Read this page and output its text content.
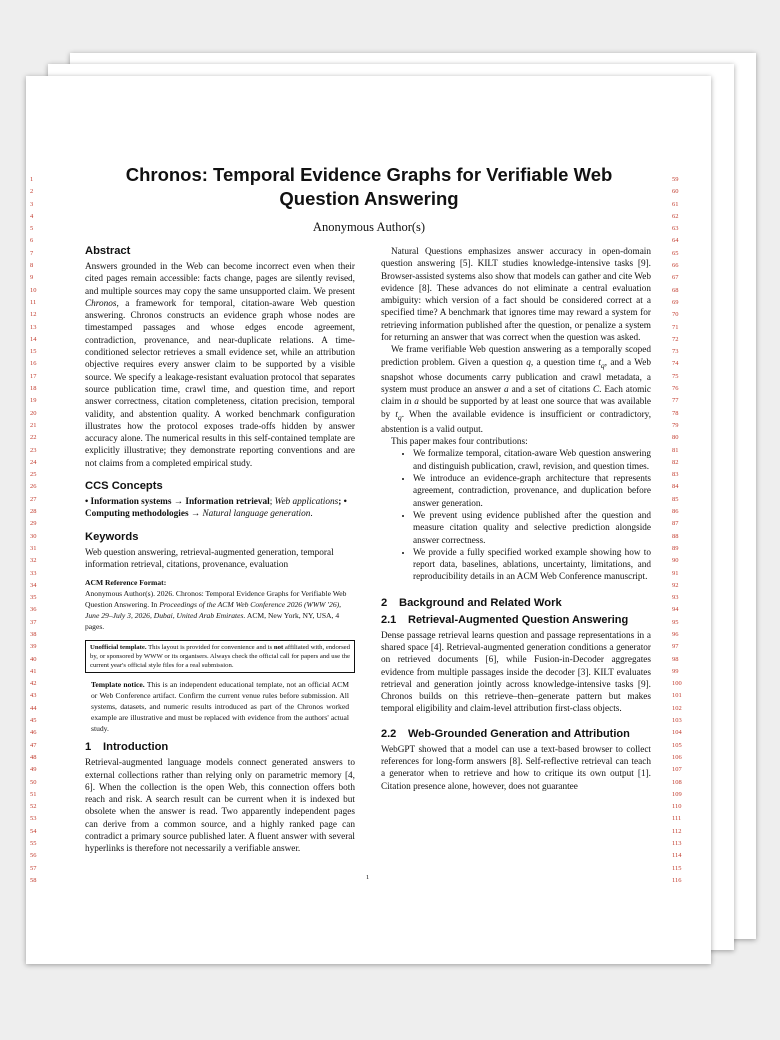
1
2
3
4
5
6
7
8
9
10
11
12
13
14
15
16
17
18
19
20
21
22
23
24
25
26
27
28
29
30
31
32
33
34
35
36
37
38
39
40
41
42
43
44
45
46
47
48
49
50
51
52
53
54
55
56
57
58
59
60
61
62
63
64
65
66
67
68
69
70
71
72
73
74
75
76
77
78
79
80
81
82
83
84
85
86
87
88
89
90
91
92
93
94
95
96
97
98
99
100
101
102
103
104
105
106
107
108
109
110
111
112
113
114
115
116
Chronos: Temporal Evidence Graphs for Verifiable Web Question Answering
Anonymous Author(s)
Abstract

Answers grounded in the Web can become incorrect even when their cited pages remain accessible: facts change, pages are silently revised, and multiple sources may copy the same unsupported claim. We present Chronos, a framework for temporal, citation-aware Web question answering. Chronos constructs an evidence graph whose nodes are timestamped passages and whose edges encode agreement, contradiction, provenance, and near-duplicate relations. A time-conditioned selector retrieves a small evidence set, while an attribution objective requires every answer claim to be supported by a visible source. We specify a leakage-resistant evaluation protocol that separates source publication time, crawl time, and question time, and report answer correctness, citation completeness, citation precision, temporal validity, and abstention quality. A worked benchmark configuration illustrates how the protocol exposes trade-offs hidden by answer accuracy alone. The numerical results in this self-contained template are explicitly illustrative; they demonstrate reporting conventions and are not claims from a completed empirical study.

CCS Concepts

• Information systems → Information retrieval; Web applications; • Computing methodologies → Natural language generation.

Keywords

Web question answering, retrieval-augmented generation, temporal information retrieval, citations, provenance, evaluation

ACM Reference Format:
Anonymous Author(s). 2026. Chronos: Temporal Evidence Graphs for Verifiable Web Question Answering. In Proceedings of the ACM Web Conference 2026 (WWW '26), June 29–July 3, 2026, Dubai, United Arab Emirates. ACM, New York, NY, USA, 4 pages.
Unofficial template. This layout is provided for convenience and is not affiliated with, endorsed by, or sponsored by WWW or its organisers. Always check the official call for papers and use the current year's official style files for a real submission.
Template notice. This is an independent educational template, not an official ACM or Web Conference artifact. Confirm the current venue rules before submission. All systems, datasets, and numeric results introduced as part of the Chronos worked example are illustrative and must be replaced with evidence from the authors' actual study.
1 Introduction

Retrieval-augmented language models connect generated answers to external collections rather than relying only on parametric memory [4, 6]. When the collection is the open Web, this connection offers both reach and risk. A search result can be current when it is indexed but obsolete when the answer is read. Two apparently independent pages can derive from a common source, and a highly ranked page can contradict a primary source published later. A fluent answer with several hyperlinks is therefore not necessarily a verifiable answer.

Natural Questions emphasizes answer accuracy in open-domain question answering [5]. KILT studies knowledge-intensive tasks [9]. Browser-assisted systems also show that models can gather and cite Web evidence [8]. These advances do not eliminate a central evaluation ambiguity: which version of a fact should be considered correct at a specified time? A benchmark that ignores time may reward a system for retrieving information published after the question, or penalize a system for returning an answer that was correct when the question was asked.

We frame verifiable Web question answering as a temporally scoped prediction problem. Given a question q, a question time $t_q$, and a Web snapshot whose documents carry publication and crawl metadata, a system must produce an answer a and a set of citations C. Each atomic claim in a should be supported by at least one source that was available by $t_q$. When the available evidence is insufficient or contradictory, abstention is a valid output.

This paper makes four contributions:

• We formalize temporal, citation-aware Web question answering and distinguish publication, crawl, revision, and question times.
• We introduce an evidence-graph architecture that represents agreement, contradiction, provenance, and duplication before answer generation.
• We prevent using evidence published after the question and measure citation quality and selective prediction alongside answer correctness.
• We provide a fully specified worked example showing how to report data, baselines, ablations, uncertainty, limitations, and reproducibility details in an ACM Web Conference manuscript.
2 Background and Related Work
2.1 Retrieval-Augmented Question Answering

Dense passage retrieval learns question and passage representations in a shared space [4]. Retrieval-augmented generation conditions a generator on retrieved documents [6], while Fusion-in-Decoder aggregates evidence from multiple passages inside the decoder [3]. KILT evaluates retrieval and generation jointly across knowledge-intensive tasks [9]. Chronos builds on this retrieve–then–generate pattern but makes temporal eligibility and claim-level attribution first-class objects.

2.2 Web-Grounded Generation and Attribution

WebGPT showed that a model can use a text-based browser to collect references for long-form answers [8]. Self-reflective retrieval can teach a generator when to retrieve and how to critique its own output [1]. Citation presence alone, however, does not guarantee

1
